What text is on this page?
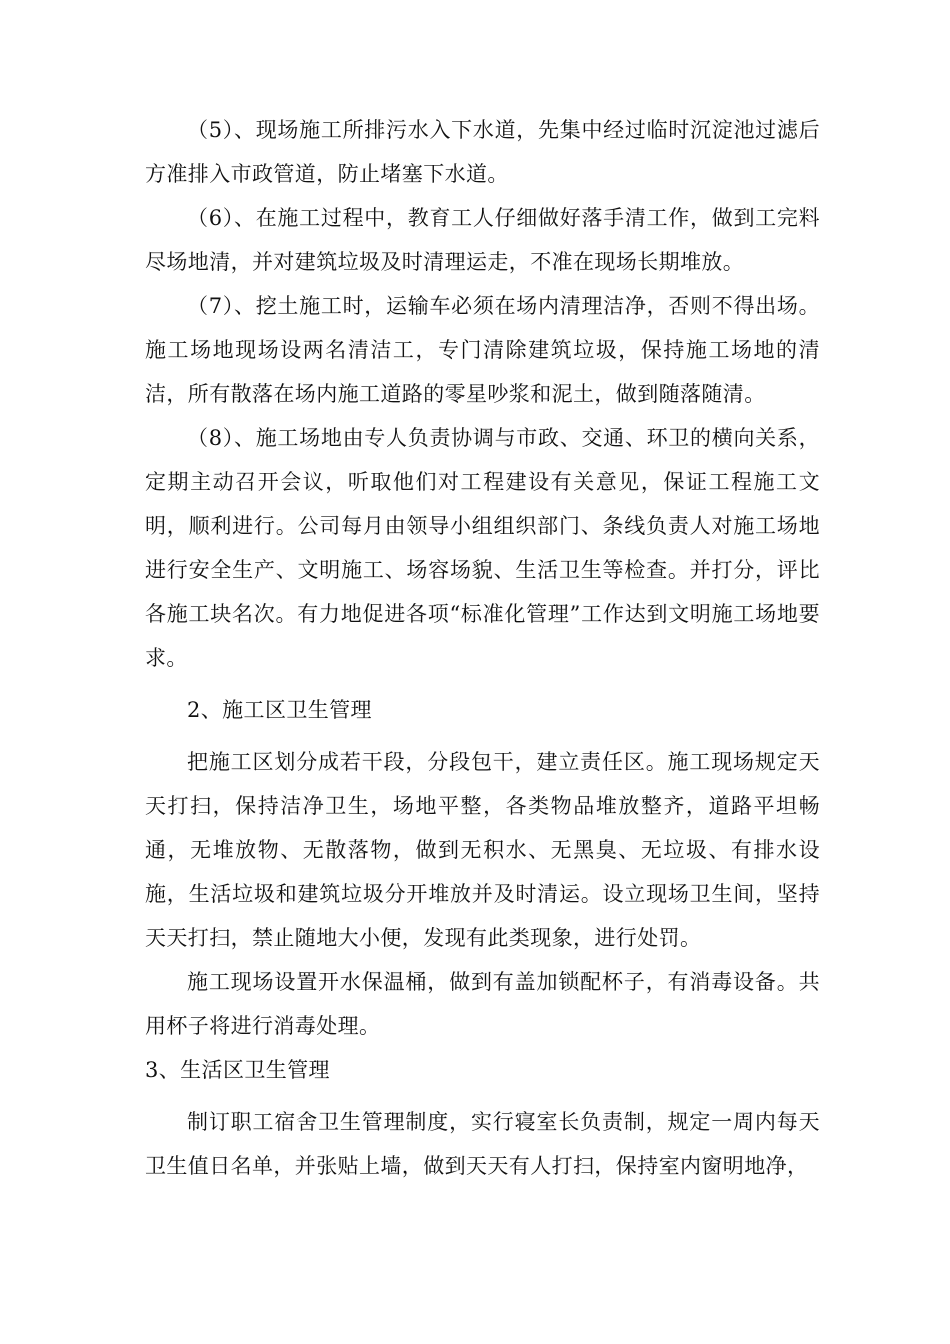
（5）、现场施工所排污水入下水道，先集中经过临时沉淀池过滤后方准排入市政管道，防止堵塞下水道。

（6）、在施工过程中，教育工人仔细做好落手清工作，做到工完料尽场地清，并对建筑垃圾及时清理运走，不准在现场长期堆放。

（7）、挖土施工时，运输车必须在场内清理洁净，否则不得出场。施工场地现场设两名清洁工，专门清除建筑垃圾，保持施工场地的清洁，所有散落在场内施工道路的零星吵浆和泥土，做到随落随清。

（8）、施工场地由专人负责协调与市政、交通、环卫的横向关系，定期主动召开会议，听取他们对工程建设有关意见，保证工程施工文明，顺利进行。公司每月由领导小组组织部门、条线负责人对施工场地进行安全生产、文明施工、场容场貌、生活卫生等检查。并打分，评比各施工块名次。有力地促进各项“标准化管理”工作达到文明施工场地要求。

2、施工区卫生管理

把施工区划分成若干段，分段包干，建立责任区。施工现场规定天天打扫，保持洁净卫生，场地平整，各类物品堆放整齐，道路平坦畅通，无堆放物、无散落物，做到无积水、无黑臭、无垃圾、有排水设施，生活垃圾和建筑垃圾分开堆放并及时清运。设立现场卫生间，坚持天天打扫，禁止随地大小便，发现有此类现象，进行处罚。

施工现场设置开水保温桶，做到有盖加锁配杯子，有消毒设备。共用杯子将进行消毒处理。

3、生活区卫生管理

制订职工宿舍卫生管理制度，实行寝室长负责制，规定一周内每天卫生值日名单，并张贴上墙，做到天天有人打扫，保持室内窗明地净，
